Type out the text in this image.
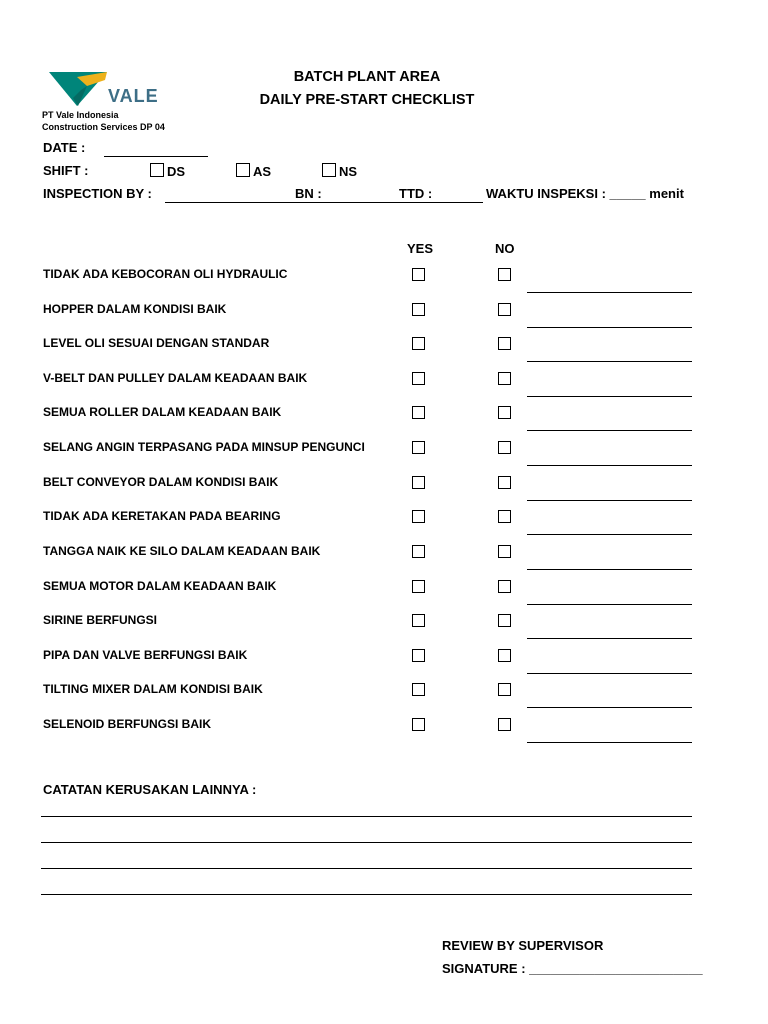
VALE
PT Vale Indonesia
Construction Services DP 04
BATCH PLANT AREA
DAILY PRE-START CHECKLIST
DATE :
SHIFT :	DS	AS	NS
INSPECTION BY :	BN :	TTD :	WAKTU INSPEKSI : _____ menit
YES	NO
TIDAK ADA KEBOCORAN OLI HYDRAULIC
HOPPER DALAM KONDISI BAIK
LEVEL OLI SESUAI DENGAN STANDAR
V-BELT DAN PULLEY DALAM KEADAAN BAIK
SEMUA ROLLER DALAM KEADAAN BAIK
SELANG ANGIN TERPASANG PADA MINSUP PENGUNCI
BELT CONVEYOR DALAM KONDISI BAIK
TIDAK ADA KERETAKAN PADA BEARING
TANGGA NAIK KE SILO DALAM KEADAAN BAIK
SEMUA MOTOR DALAM KEADAAN BAIK
SIRINE BERFUNGSI
PIPA DAN VALVE BERFUNGSI BAIK
TILTING MIXER DALAM KONDISI BAIK
SELENOID BERFUNGSI BAIK
CATATAN KERUSAKAN LAINNYA :
REVIEW BY SUPERVISOR
SIGNATURE : ________________________
